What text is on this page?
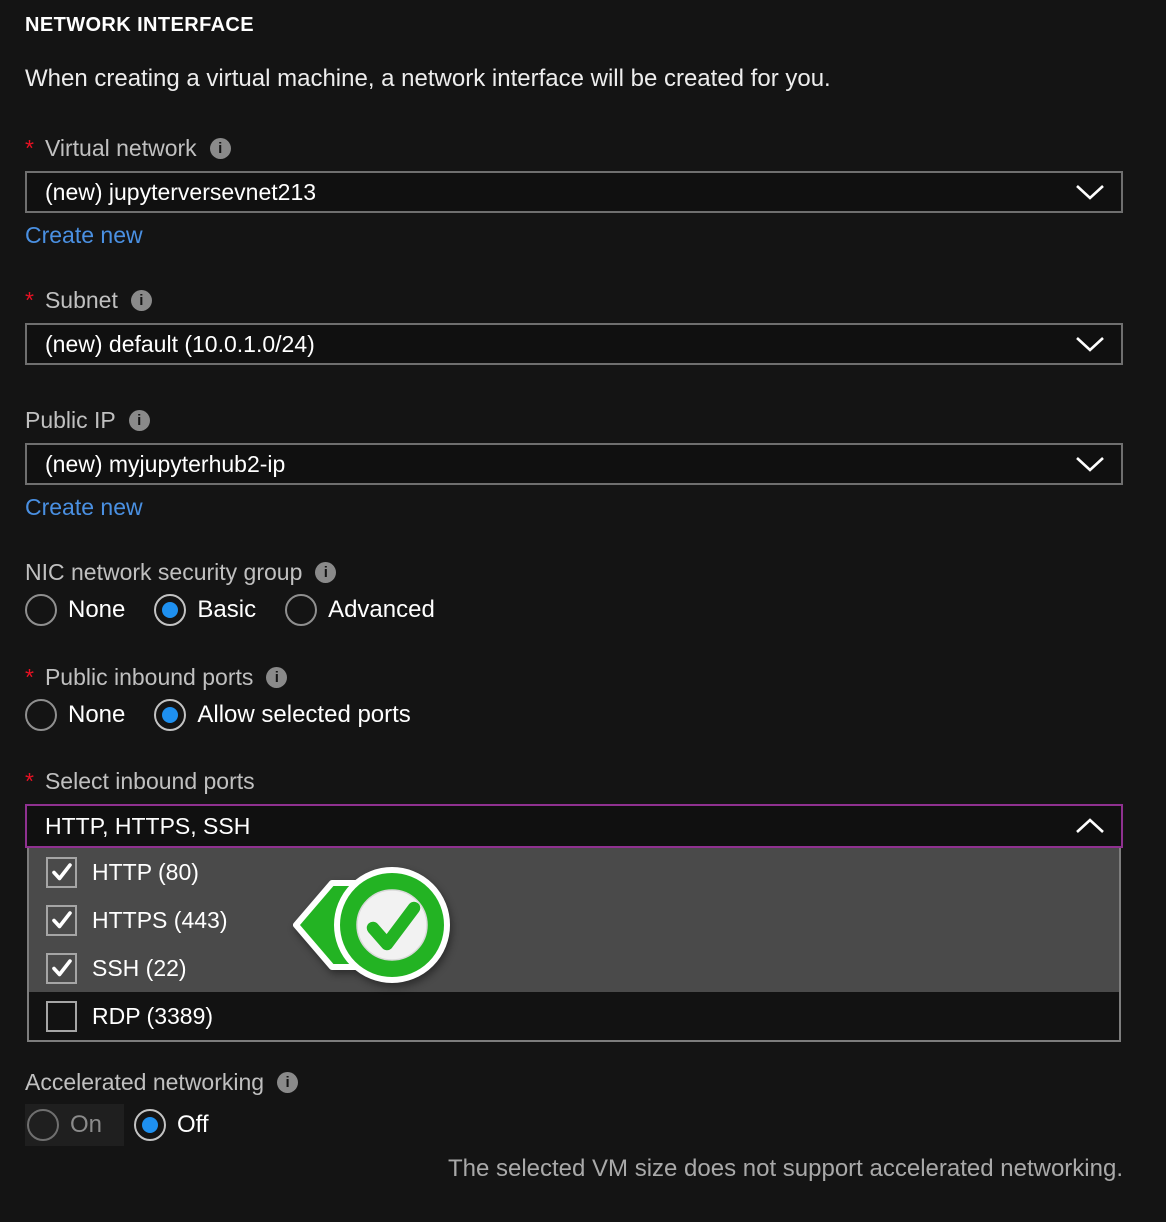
NETWORK INTERFACE
When creating a virtual machine, a network interface will be created for you.
* Virtual network	i
(new) jupyterversevnet213
Create new
* Subnet	i
(new) default (10.0.1.0/24)
Public IP	i
(new) myjupyterhub2-ip
Create new
NIC network security group	i
None	Basic	Advanced
* Public inbound ports	i
None	Allow selected ports
* Select inbound ports
HTTP, HTTPS, SSH
HTTP (80)
HTTPS (443)
SSH (22)
RDP (3389)
Accelerated networking	i
On	Off
The selected VM size does not support accelerated networking.
